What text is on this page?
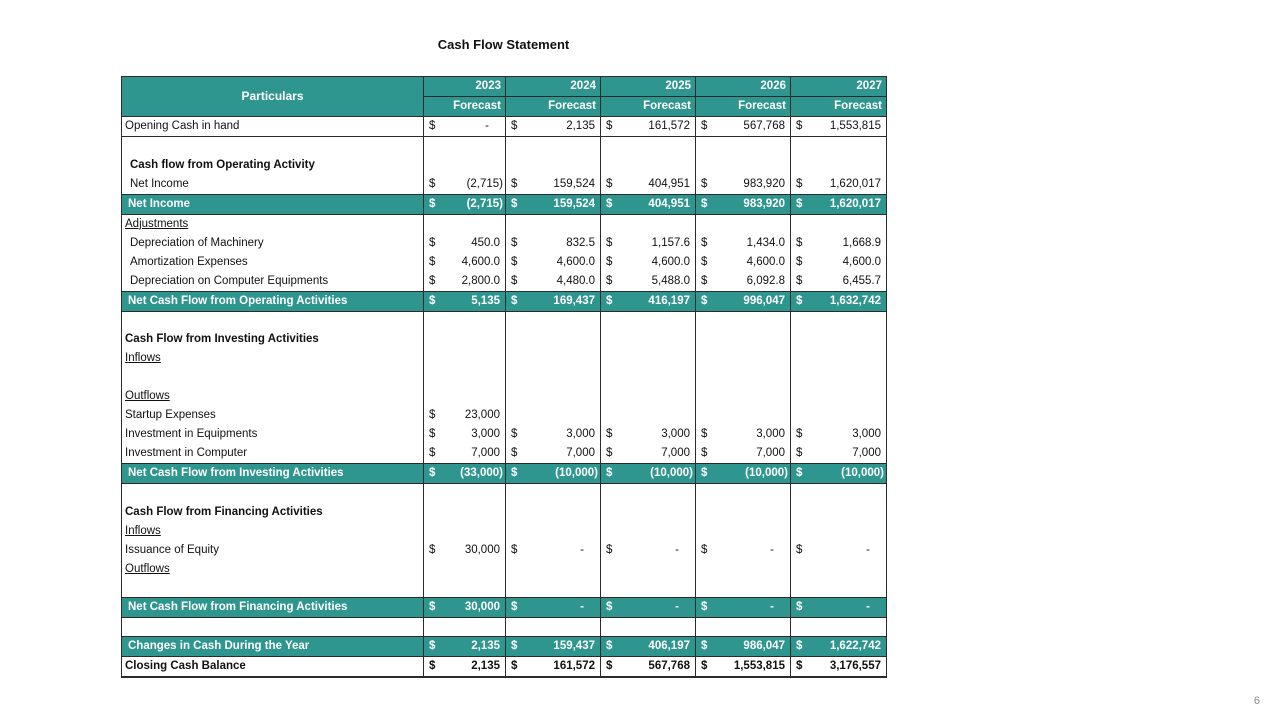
Cash Flow Statement
Particulars	2023	2024	2025	2026	2027
	Forecast	Forecast	Forecast	Forecast	Forecast
Opening Cash in hand	$ -	$ 2,135	$ 161,572	$ 567,768	$ 1,553,815

Cash flow from Operating Activity					
Net Income	$ (2,715)	$ 159,524	$ 404,951	$ 983,920	$ 1,620,017

Net Income	$ (2,715)	$ 159,524	$ 404,951	$ 983,920	$ 1,620,017

Adjustments					
Depreciation of Machinery	$ 450.0	$ 832.5	$ 1,157.6	$ 1,434.0	$ 1,668.9

Amortization Expenses	$ 4,600.0	$ 4,600.0	$ 4,600.0	$ 4,600.0	$ 4,600.0

Depreciation on Computer Equipments	$ 2,800.0	$ 4,480.0	$ 5,488.0	$ 6,092.8	$ 6,455.7

Net Cash Flow from Operating Activities	$ 5,135	$ 169,437	$ 416,197	$ 996,047	$ 1,632,742

Cash Flow from Investing Activities					
Inflows					

Outflows					
Startup Expenses	$ 23,000				

Investment in Equipments	$ 3,000	$ 3,000	$ 3,000	$ 3,000	$ 3,000

Investment in Computer	$ 7,000	$ 7,000	$ 7,000	$ 7,000	$ 7,000

Net Cash Flow from Investing Activities	$ (33,000)	$ (10,000)	$ (10,000)	$ (10,000)	$ (10,000)

Cash Flow from Financing Activities					
Inflows					
Issuance of Equity	$ 30,000	$ -	$ -	$ -	$ -

Outflows					

Net Cash Flow from Financing Activities	$ 30,000	$ -	$ -	$ -	$ -

Changes in Cash During the Year	$ 2,135	$ 159,437	$ 406,197	$ 986,047	$ 1,622,742

Closing Cash Balance	$ 2,135	$ 161,572	$ 567,768	$ 1,553,815	$ 3,176,557
6
